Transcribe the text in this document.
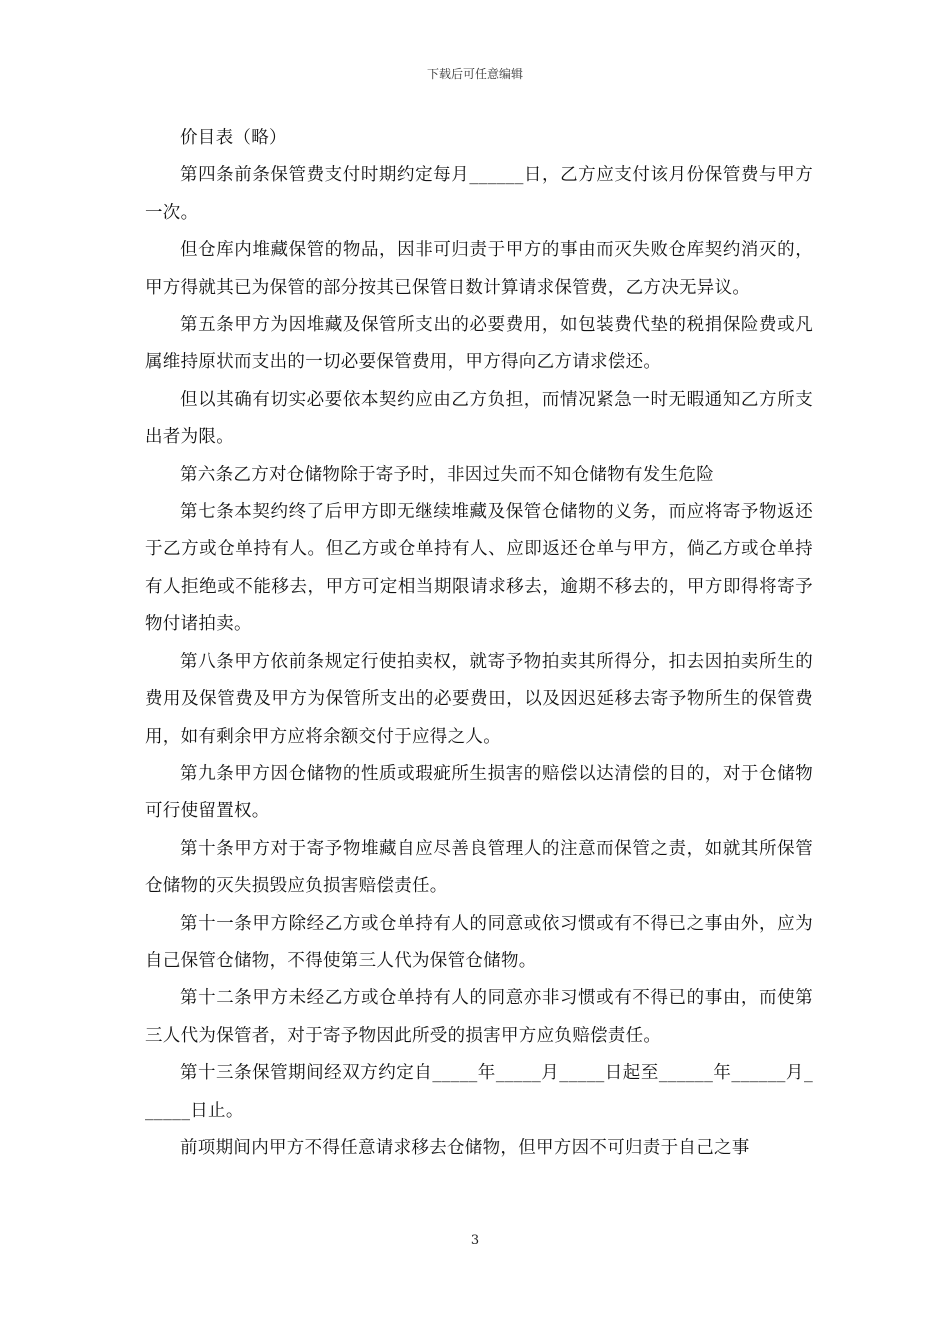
下载后可任意编辑

价目表（略）

第四条前条保管费支付时期约定每月______日，乙方应支付该月份保管费与甲方一次。

但仓库内堆藏保管的物品，因非可归责于甲方的事由而灭失败仓库契约消灭的，甲方得就其已为保管的部分按其已保管日数计算请求保管费，乙方决无异议。

第五条甲方为因堆藏及保管所支出的必要费用，如包装费代垫的税捐保险费或凡属维持原状而支出的一切必要保管费用，甲方得向乙方请求偿还。

但以其确有切实必要依本契约应由乙方负担，而情况紧急一时无暇通知乙方所支出者为限。

第六条乙方对仓储物除于寄予时，非因过失而不知仓储物有发生危险

第七条本契约终了后甲方即无继续堆藏及保管仓储物的义务，而应将寄予物返还于乙方或仓单持有人。但乙方或仓单持有人、应即返还仓单与甲方，倘乙方或仓单持有人拒绝或不能移去，甲方可定相当期限请求移去，逾期不移去的，甲方即得将寄予物付诸拍卖。

第八条甲方依前条规定行使拍卖权，就寄予物拍卖其所得分，扣去因拍卖所生的费用及保管费及甲方为保管所支出的必要费田，以及因迟延移去寄予物所生的保管费用，如有剩余甲方应将余额交付于应得之人。

第九条甲方因仓储物的性质或瑕疵所生损害的赔偿以达清偿的目的，对于仓储物可行使留置权。

第十条甲方对于寄予物堆藏自应尽善良管理人的注意而保管之责，如就其所保管仓储物的灭失损毁应负损害赔偿责任。

第十一条甲方除经乙方或仓单持有人的同意或依习惯或有不得已之事由外，应为自己保管仓储物，不得使第三人代为保管仓储物。

第十二条甲方未经乙方或仓单持有人的同意亦非习惯或有不得已的事由，而使第三人代为保管者，对于寄予物因此所受的损害甲方应负赔偿责任。

第十三条保管期间经双方约定自_____年_____月_____日起至______年______月______日止。

前项期间内甲方不得任意请求移去仓储物，但甲方因不可归责于自己之事

3
